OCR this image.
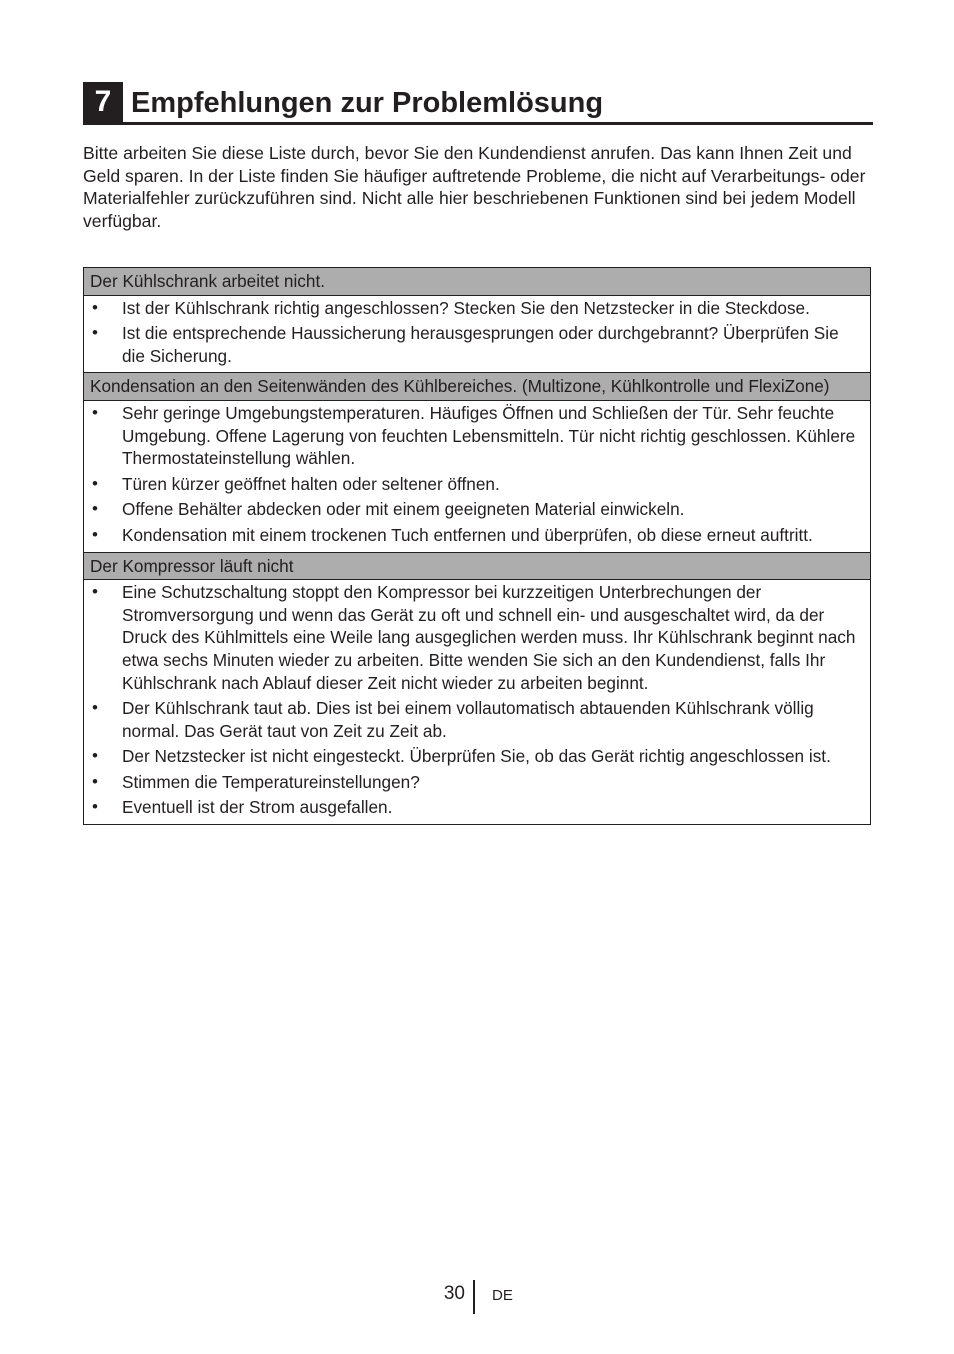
7 Empfehlungen zur Problemlösung

Bitte arbeiten Sie diese Liste durch, bevor Sie den Kundendienst anrufen. Das kann Ihnen Zeit und Geld sparen. In der Liste finden Sie häufiger auftretende Probleme, die nicht auf Verarbeitungs- oder Materialfehler zurückzuführen sind. Nicht alle hier beschriebenen Funktionen sind bei jedem Modell verfügbar.

Der Kühlschrank arbeitet nicht.
• Ist der Kühlschrank richtig angeschlossen? Stecken Sie den Netzstecker in die Steckdose.
• Ist die entsprechende Haussicherung herausgesprungen oder durchgebrannt? Überprüfen Sie die Sicherung.
Kondensation an den Seitenwänden des Kühlbereiches. (Multizone, Kühlkontrolle und FlexiZone)
• Sehr geringe Umgebungstemperaturen. Häufiges Öffnen und Schließen der Tür. Sehr feuchte Umgebung. Offene Lagerung von feuchten Lebensmitteln. Tür nicht richtig geschlossen. Kühlere Thermostateinstellung wählen.
• Türen kürzer geöffnet halten oder seltener öffnen.
• Offene Behälter abdecken oder mit einem geeigneten Material einwickeln.
• Kondensation mit einem trockenen Tuch entfernen und überprüfen, ob diese erneut auftritt.
Der Kompressor läuft nicht
• Eine Schutzschaltung stoppt den Kompressor bei kurzzeitigen Unterbrechungen der Stromversorgung und wenn das Gerät zu oft und schnell ein- und ausgeschaltet wird, da der Druck des Kühlmittels eine Weile lang ausgeglichen werden muss. Ihr Kühlschrank beginnt nach etwa sechs Minuten wieder zu arbeiten. Bitte wenden Sie sich an den Kundendienst, falls Ihr Kühlschrank nach Ablauf dieser Zeit nicht wieder zu arbeiten beginnt.
• Der Kühlschrank taut ab. Dies ist bei einem vollautomatisch abtauenden Kühlschrank völlig normal. Das Gerät taut von Zeit zu Zeit ab.
• Der Netzstecker ist nicht eingesteckt. Überprüfen Sie, ob das Gerät richtig angeschlossen ist.
• Stimmen die Temperatureinstellungen?
• Eventuell ist der Strom ausgefallen.
30 DE
